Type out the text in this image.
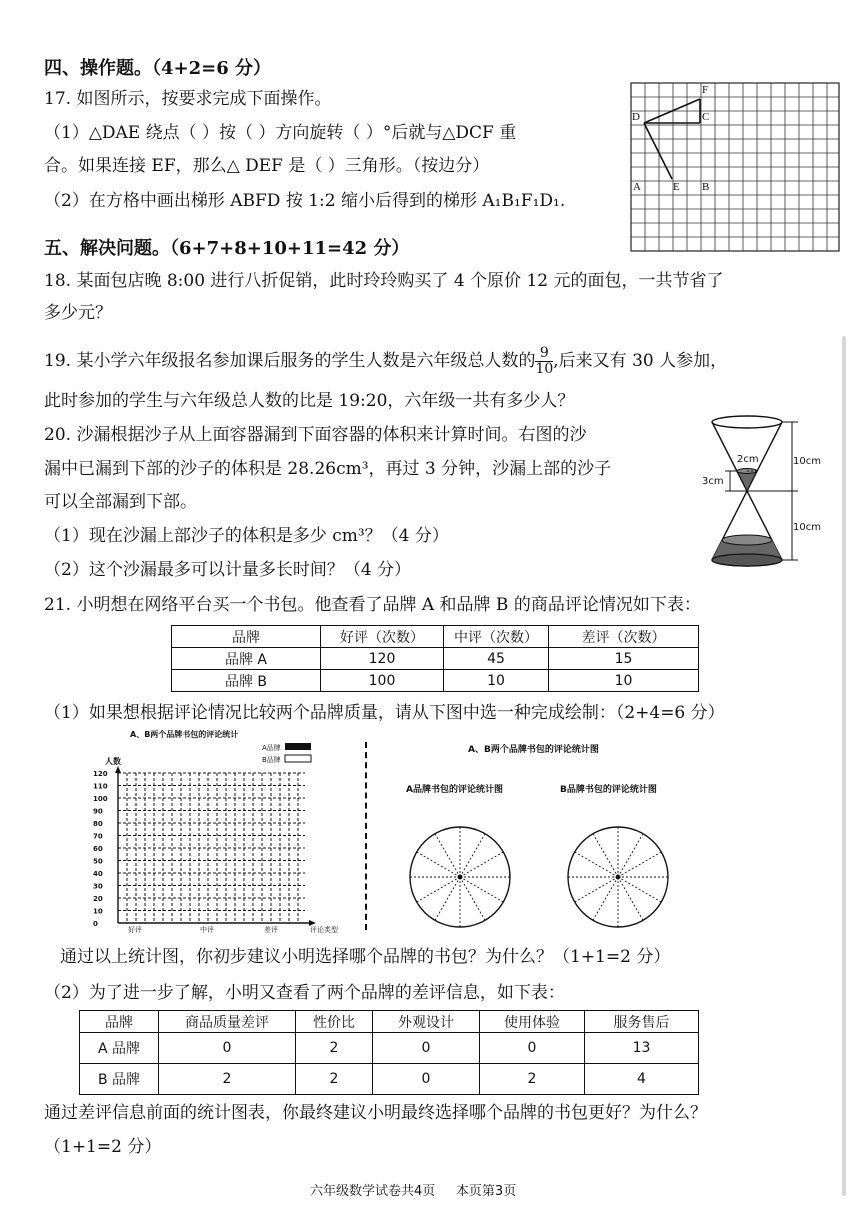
四、操作题。（4+2=6 分）
17. 如图所示，按要求完成下面操作。
（1）△DAE 绕点（ ）按（ ）方向旋转（ ）°后就与△DCF 重
合。如果连接 EF，那么△ DEF 是（ ）三角形。（按边分）
（2）在方格中画出梯形 ABFD 按 1:2 缩小后得到的梯形 A₁B₁F₁D₁.
D	C
F
A	E B
五、解决问题。（6+7+8+10+11=42 分）
18. 某面包店晚 8:00 进行八折促销，此时玲玲购买了 4 个原价 12 元的面包，一共节省了
多少元？
19. 某小学六年级报名参加课后服务的学生人数是六年级总人数的 $\frac{9}{10}$ ,后来又有 30 人参加，
此时参加的学生与六年级总人数的比是 19:20，六年级一共有多少人？
20. 沙漏根据沙子从上面容器漏到下面容器的体积来计算时间。右图的沙
漏中已漏到下部的沙子的体积是 28.26cm³，再过 3 分钟，沙漏上部的沙子
可以全部漏到下部。
（1）现在沙漏上部沙子的体积是多少 cm³？（4 分）
（2）这个沙漏最多可以计量多长时间？（4 分）
10cm
10cm
2cm
3cm
21. 小明想在网络平台买一个书包。他查看了品牌 A 和品牌 B 的商品评论情况如下表：
品牌	好评（次数）	中评（次数）	差评（次数）
品牌 A	120	45	15
品牌 B	100	10	10
（1）如果想根据评论情况比较两个品牌质量，请从下图中选一种完成绘制：（2+4=6 分）
A、B两个品牌书包的评论统计
人数
A品牌
B品牌
评论类型
120
110
100
90
80
70
60
50
40
30
20
10
0
好评	中评	差评
A、B两个品牌书包的评论统计图
A品牌书包的评论统计图	B品牌书包的评论统计图
通过以上统计图，你初步建议小明选择哪个品牌的书包？为什么？（1+1=2 分）
（2）为了进一步了解，小明又查看了两个品牌的差评信息，如下表：
品牌	商品质量差评	性价比	外观设计	使用体验	服务售后
A 品牌	0	2	0	0	13
B 品牌	2	2	0	2	4
通过差评信息前面的统计图表，你最终建议小明最终选择哪个品牌的书包更好？为什么？
（1+1=2 分）
六年级数学试卷共4页     本页第3页
